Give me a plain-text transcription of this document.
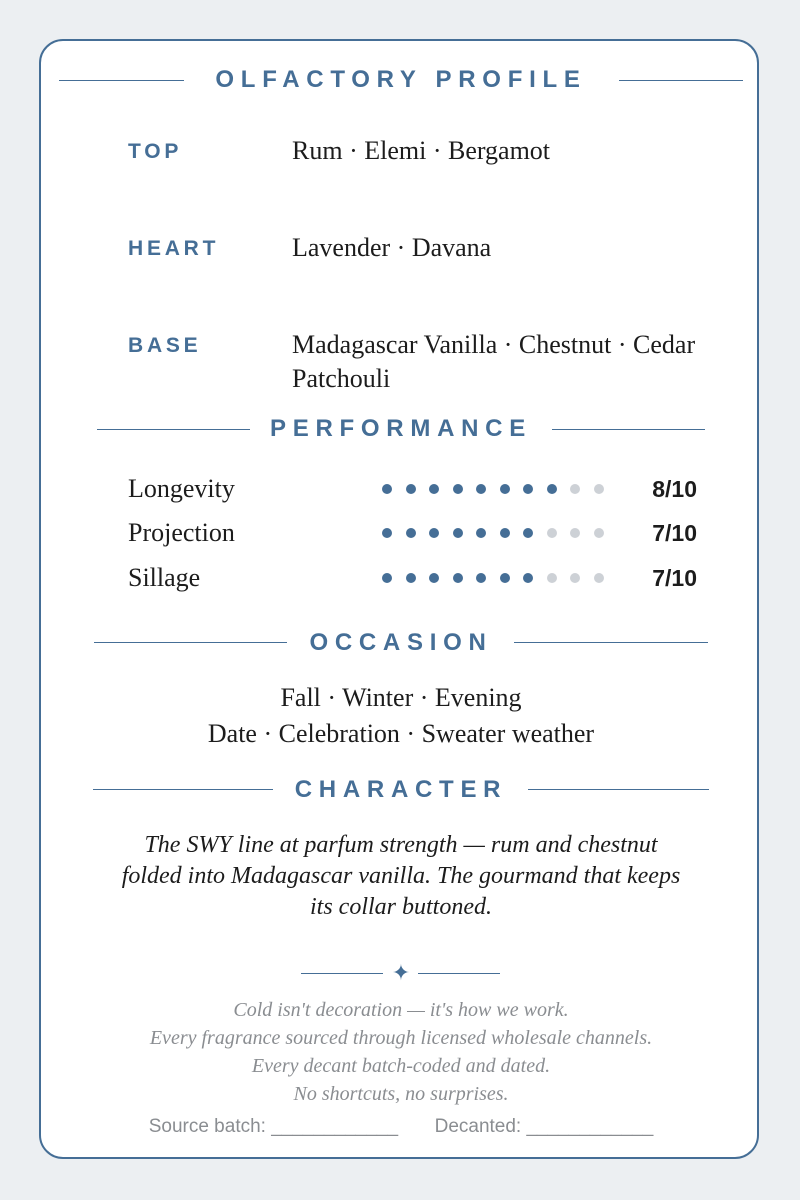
OLFACTORY PROFILE
TOP	Rum · Elemi · Bergamot
HEART	Lavender · Davana
BASE	Madagascar Vanilla · Chestnut · Cedar Patchouli
PERFORMANCE
Longevity	8/10
Projection	7/10
Sillage	7/10
OCCASION
Fall · Winter · Evening
Date · Celebration · Sweater weather
CHARACTER
The SWY line at parfum strength — rum and chestnut folded into Madagascar vanilla. The gourmand that keeps its collar buttoned.
✦
Cold isn't decoration — it's how we work.
Every fragrance sourced through licensed wholesale channels.
Every decant batch-coded and dated.
No shortcuts, no surprises.
Source batch: ____________ Decanted: ____________
